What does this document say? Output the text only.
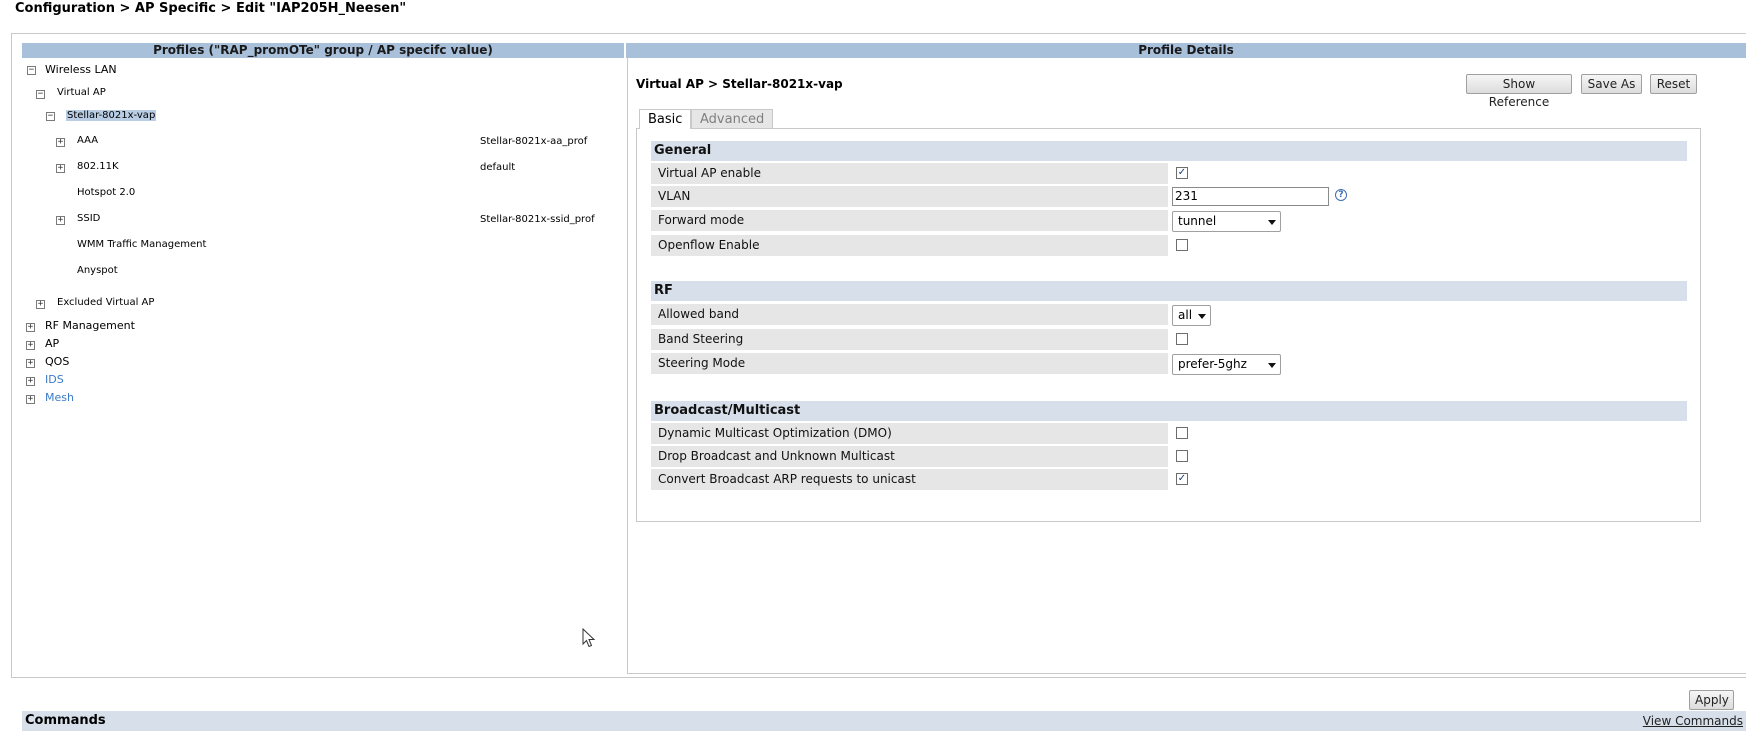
Configuration > AP Specific > Edit "IAP205H_Neesen"
Profiles ("RAP_promOTe" group / AP specifc value)
− Wireless LAN
− Virtual AP
− Stellar-8021x-vap
+ AAA	Stellar-8021x-aa_prof
+ 802.11K	default
Hotspot 2.0
+ SSID	Stellar-8021x-ssid_prof
WMM Traffic Management
Anyspot
+ Excluded Virtual AP
+ RF Management
+ AP
+ QOS
+ IDS
+ Mesh
Profile Details
Virtual AP > Stellar-8021x-vap	Show Reference
Save As	Reset
Basic	Advanced
General
Virtual AP enable	✓
VLAN	231	?
Forward mode	tunnel
Openflow Enable
RF
Allowed band	all
Band Steering
Steering Mode	prefer-5ghz
Broadcast/Multicast
Dynamic Multicast Optimization (DMO)
Drop Broadcast and Unknown Multicast
Convert Broadcast ARP requests to unicast	✓
Apply
Commands	View Commands
